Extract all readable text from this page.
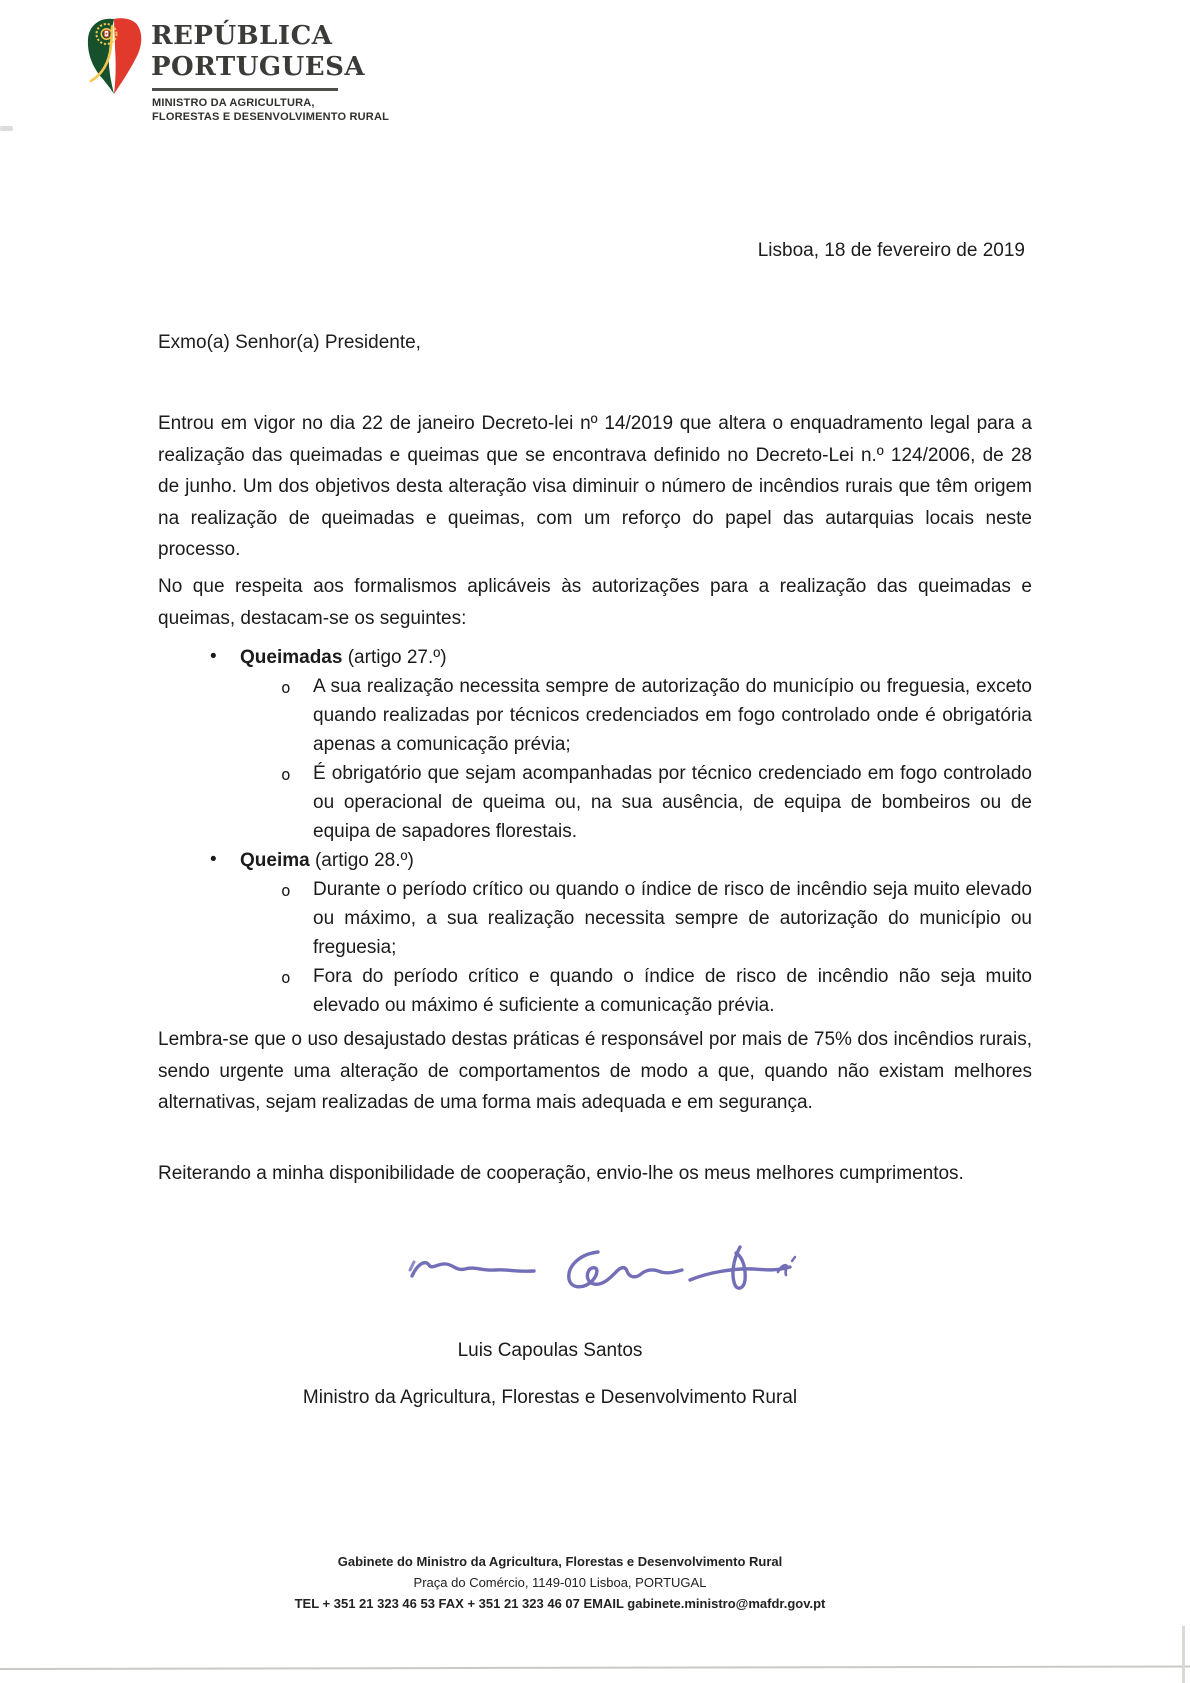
REPÚBLICA
PORTUGUESA
MINISTRO DA AGRICULTURA,
FLORESTAS E DESENVOLVIMENTO RURAL
Lisboa, 18 de fevereiro de 2019
Exmo(a) Senhor(a) Presidente,
Entrou em vigor no dia 22 de janeiro Decreto-lei nº 14/2019 que altera o enquadramento legal para a realização das queimadas e queimas que se encontrava definido no Decreto-Lei n.º 124/2006, de 28 de junho. Um dos objetivos desta alteração visa diminuir o número de incêndios rurais que têm origem na realização de queimadas e queimas, com um reforço do papel das autarquias locais neste processo.
No que respeita aos formalismos aplicáveis às autorizações para a realização das queimadas e queimas, destacam-se os seguintes:
• Queimadas (artigo 27.º)
o A sua realização necessita sempre de autorização do município ou freguesia, exceto quando realizadas por técnicos credenciados em fogo controlado onde é obrigatória apenas a comunicação prévia;
o É obrigatório que sejam acompanhadas por técnico credenciado em fogo controlado ou operacional de queima ou, na sua ausência, de equipa de bombeiros ou de equipa de sapadores florestais.
• Queima (artigo 28.º)
o Durante o período crítico ou quando o índice de risco de incêndio seja muito elevado ou máximo, a sua realização necessita sempre de autorização do município ou freguesia;
o Fora do período crítico e quando o índice de risco de incêndio não seja muito elevado ou máximo é suficiente a comunicação prévia.
Lembra-se que o uso desajustado destas práticas é responsável por mais de 75% dos incêndios rurais, sendo urgente uma alteração de comportamentos de modo a que, quando não existam melhores alternativas, sejam realizadas de uma forma mais adequada e em segurança.
Reiterando a minha disponibilidade de cooperação, envio-lhe os meus melhores cumprimentos.
Luis Capoulas Santos
Ministro da Agricultura, Florestas e Desenvolvimento Rural
Gabinete do Ministro da Agricultura, Florestas e Desenvolvimento Rural
Praça do Comércio, 1149-010 Lisboa, PORTUGAL
TEL + 351 21 323 46 53 FAX + 351 21 323 46 07 EMAIL gabinete.ministro@mafdr.gov.pt
